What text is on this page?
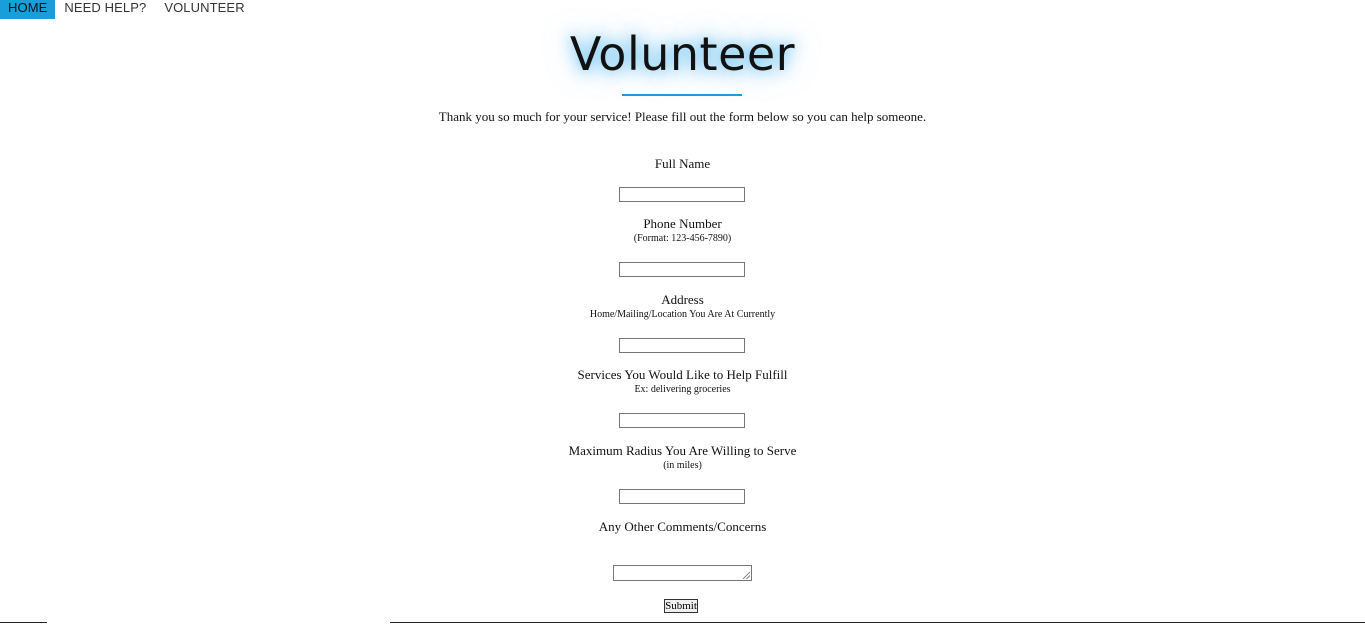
HOME	NEED HELP?	VOLUNTEER
Volunteer
Thank you so much for your service! Please fill out the form below so you can help someone.
Full Name
Phone Number
(Format: 123-456-7890)
Address
Home/Mailing/Location You Are At Currently
Services You Would Like to Help Fulfill
Ex: delivering groceries
Maximum Radius You Are Willing to Serve
(in miles)
Any Other Comments/Concerns
Submit
